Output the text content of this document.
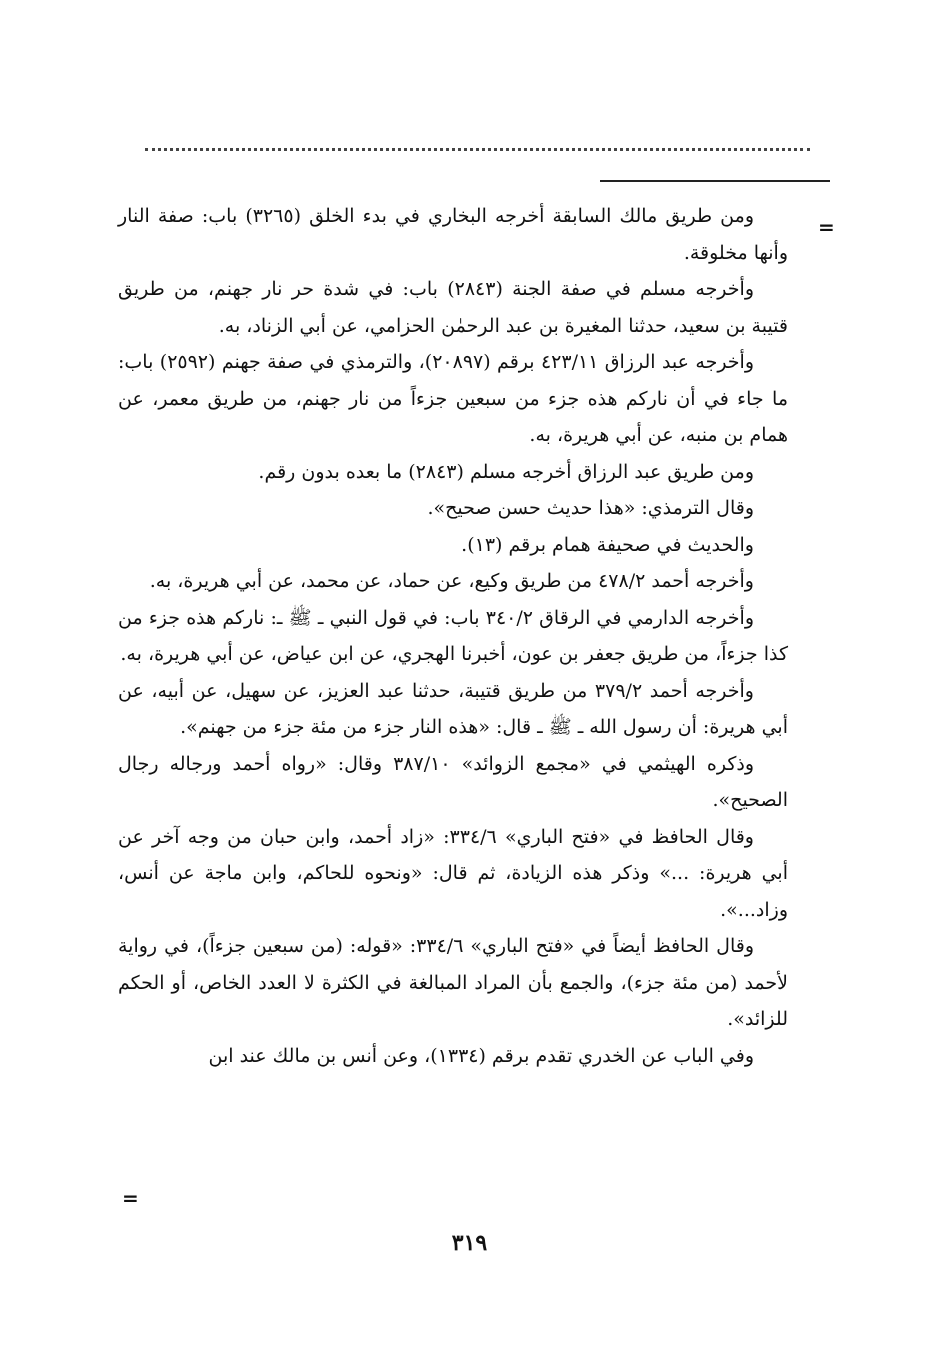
=

ومن طريق مالك السابقة أخرجه البخاري في بدء الخلق (٣٢٦٥) باب: صفة النار وأنها مخلوقة.

وأخرجه مسلم في صفة الجنة (٢٨٤٣) باب: في شدة حر نار جهنم، من طريق قتيبة بن سعيد، حدثنا المغيرة بن عبد الرحمٰن الحزامي، عن أبي الزناد، به.

وأخرجه عبد الرزاق ٤٢٣/١١ برقم (٢٠٨٩٧)، والترمذي في صفة جهنم (٢٥٩٢) باب: ما جاء في أن ناركم هذه جزء من سبعين جزءاً من نار جهنم، من طريق معمر، عن همام بن منبه، عن أبي هريرة، به.

ومن طريق عبد الرزاق أخرجه مسلم (٢٨٤٣) ما بعده بدون رقم.

وقال الترمذي: «هذا حديث حسن صحيح».

والحديث في صحيفة همام برقم (١٣).

وأخرجه أحمد ٤٧٨/٢ من طريق وكيع، عن حماد، عن محمد، عن أبي هريرة، به.

وأخرجه الدارمي في الرقاق ٣٤٠/٢ باب: في قول النبي ـ ﷺ ـ: ناركم هذه جزء من كذا جزءاً، من طريق جعفر بن عون، أخبرنا الهجري، عن ابن عياض، عن أبي هريرة، به.

وأخرجه أحمد ٣٧٩/٢ من طريق قتيبة، حدثنا عبد العزيز، عن سهيل، عن أبيه، عن أبي هريرة: أن رسول الله ـ ﷺ ـ قال: «هذه النار جزء من مئة جزء من جهنم».

وذكره الهيثمي في «مجمع الزوائد» ٣٨٧/١٠ وقال: «رواه أحمد ورجاله رجال الصحيح».

وقال الحافظ في «فتح الباري» ٣٣٤/٦: «زاد أحمد، وابن حبان من وجه آخر عن أبي هريرة: ...» وذكر هذه الزيادة، ثم قال: «ونحوه للحاكم، وابن ماجة عن أنس، وزاد...».

وقال الحافظ أيضاً في «فتح الباري» ٣٣٤/٦: «قوله: (من سبعين جزءاً)، في رواية لأحمد (من مئة جزء)، والجمع بأن المراد المبالغة في الكثرة لا العدد الخاص، أو الحكم للزائد».

وفي الباب عن الخدري تقدم برقم (١٣٣٤)، وعن أنس بن مالك عند ابن

=
٣١٩
